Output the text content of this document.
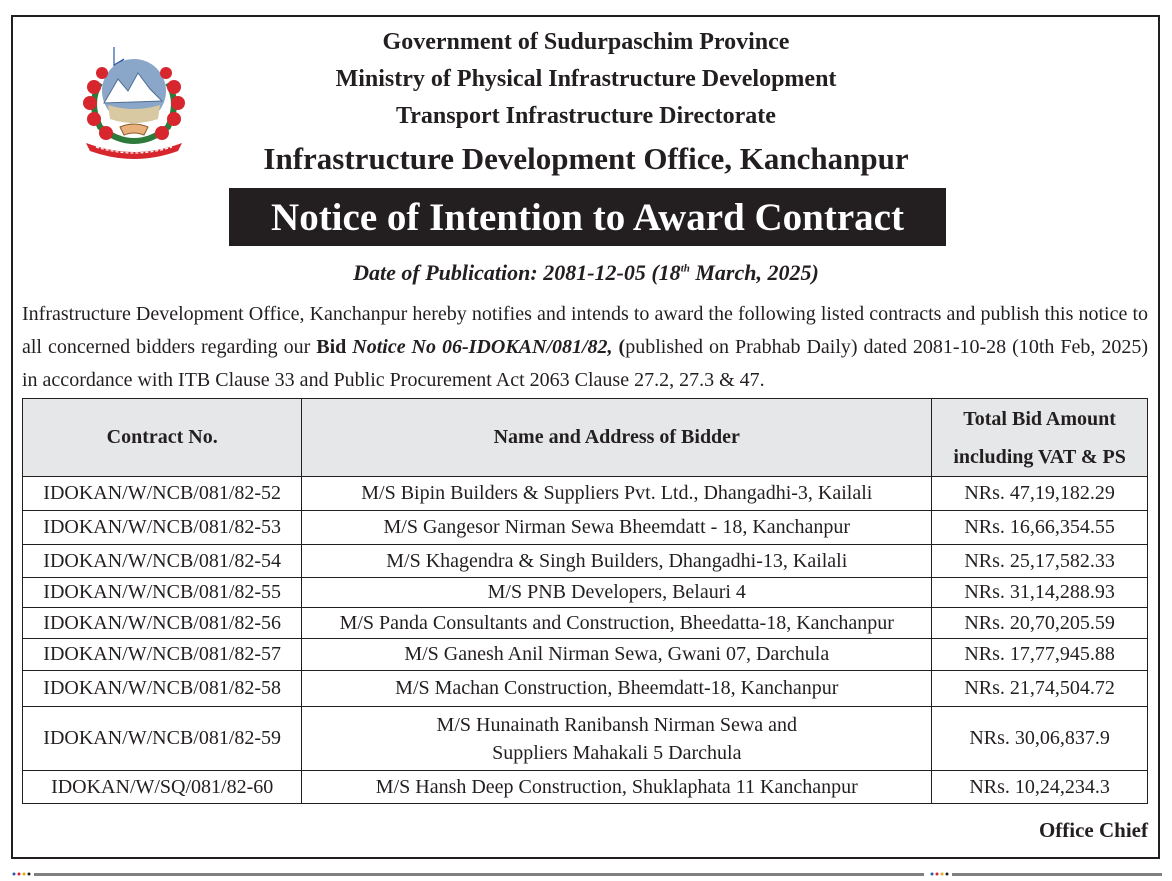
Government of Sudurpaschim Province
Ministry of Physical Infrastructure Development
Transport Infrastructure Directorate
Infrastructure Development Office, Kanchanpur
Notice of Intention to Award Contract
Date of Publication: 2081-12-05 (18th March, 2025)
Infrastructure Development Office, Kanchanpur hereby notifies and intends to award the following listed contracts and publish this notice to all concerned bidders regarding our Bid Notice No 06-IDOKAN/081/82, (published on Prabhab Daily) dated 2081-10-28 (10th Feb, 2025) in accordance with ITB Clause 33 and Public Procurement Act 2063 Clause 27.2, 27.3 & 47.
Contract No.	Name and Address of Bidder	Total Bid Amount
including VAT & PS

IDOKAN/W/NCB/081/82-52	M/S Bipin Builders & Suppliers Pvt. Ltd., Dhangadhi-3, Kailali	NRs. 47,19,182.29
IDOKAN/W/NCB/081/82-53	M/S Gangesor Nirman Sewa Bheemdatt - 18, Kanchanpur	NRs. 16,66,354.55
IDOKAN/W/NCB/081/82-54	M/S Khagendra & Singh Builders, Dhangadhi-13, Kailali	NRs. 25,17,582.33
IDOKAN/W/NCB/081/82-55	M/S PNB Developers, Belauri 4	NRs. 31,14,288.93
IDOKAN/W/NCB/081/82-56	M/S Panda Consultants and Construction, Bheedatta-18, Kanchanpur	NRs. 20,70,205.59
IDOKAN/W/NCB/081/82-57	M/S Ganesh Anil Nirman Sewa, Gwani 07, Darchula	NRs. 17,77,945.88
IDOKAN/W/NCB/081/82-58	M/S Machan Construction, Bheemdatt-18, Kanchanpur	NRs. 21,74,504.72
IDOKAN/W/NCB/081/82-59	M/S Hunainath Ranibansh Nirman Sewa and
Suppliers Mahakali 5 Darchula	NRs. 30,06,837.9
IDOKAN/W/SQ/081/82-60	M/S Hansh Deep Construction, Shuklaphata 11 Kanchanpur	NRs. 10,24,234.3
Office Chief
